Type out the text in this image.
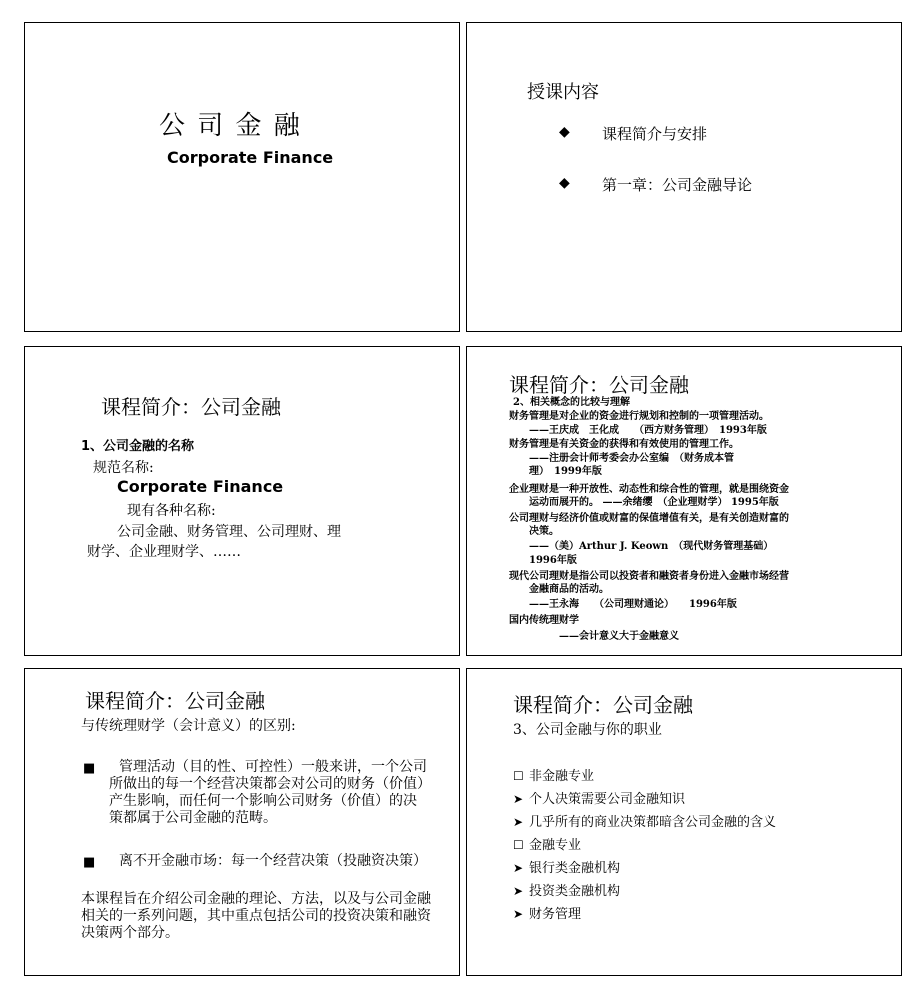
公 司 金 融
Corporate Finance
授课内容
◆ 课程简介与安排
◆ 第一章：公司金融导论
课程简介：公司金融
1、公司金融的名称
规范名称:
Corporate Finance
现有各种名称:
公司金融、财务管理、公司理财、理
财学、企业理财学、……
课程简介：公司金融
2、相关概念的比较与理解
财务管理是对企业的资金进行规划和控制的一项管理活动。
——王庆成　王化成　　（西方财务管理）　1993年版
财务管理是有关资金的获得和有效使用的管理工作。
——注册会计师考委会办公室编　（财务成本管
理）　1999年版
企业理财是一种开放性、动态性和综合性的管理，就是围绕资金
运动而展开的。 ——余绪缨　（企业理财学） 1995年版
公司理财与经济价值或财富的保值增值有关，是有关创造财富的
决策。
——（美）Arthur J. Keown　（现代财务管理基础）
1996年版
现代公司理财是指公司以投资者和融资者身份进入金融市场经营
金融商品的活动。
——王永海　　（公司理财通论）　　1996年版
国内传统理财学
——会计意义大于金融意义
课程简介：公司金融
与传统理财学（会计意义）的区别:
■	管理活动（目的性、可控性）一般来讲，一个公司所做出的每一个经营决策都会对公司的财务（价值）产生影响，而任何一个影响公司财务（价值）的决策都属于公司金融的范畴。
■	离不开金融市场：每一个经营决策（投融资决策）
本课程旨在介绍公司金融的理论、方法，以及与公司金融相关的一系列问题，其中重点包括公司的投资决策和融资决策两个部分。
课程简介：公司金融
3、公司金融与你的职业
☐ 非金融专业
➤ 个人决策需要公司金融知识
➤ 几乎所有的商业决策都暗含公司金融的含义
☐ 金融专业
➤ 银行类金融机构
➤ 投资类金融机构
➤ 财务管理
